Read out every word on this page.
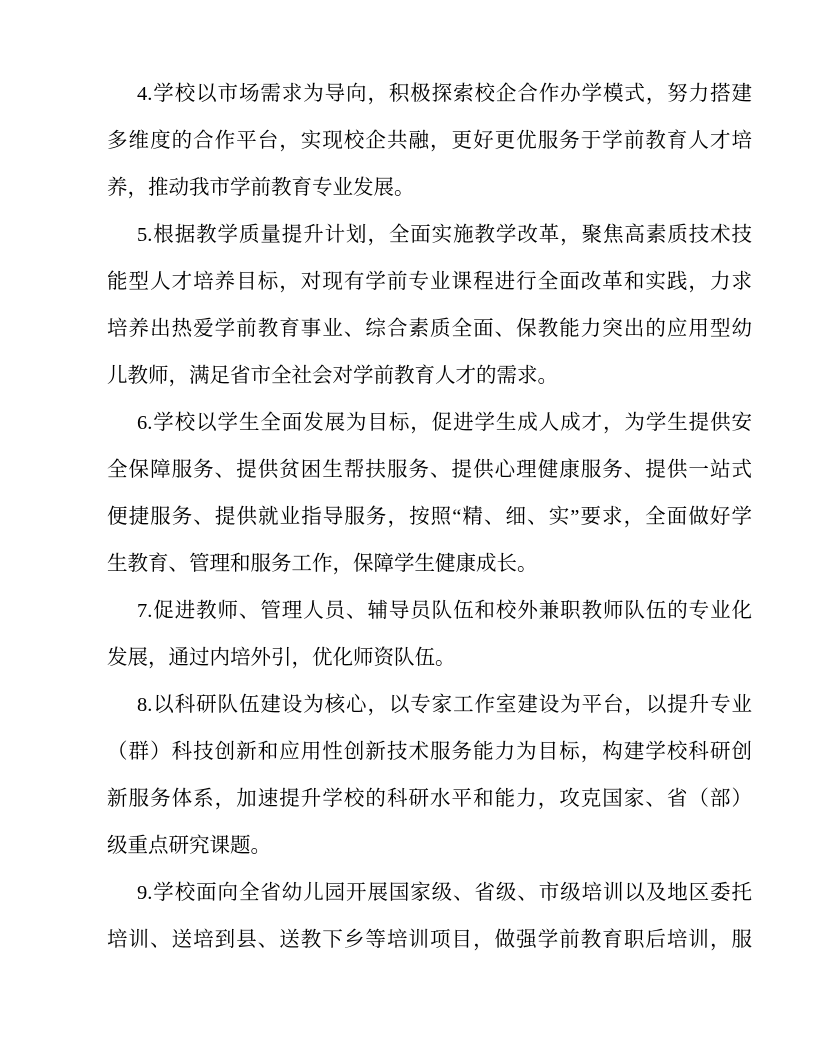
4.学校以市场需求为导向，积极探索校企合作办学模式，努力搭建
多维度的合作平台，实现校企共融，更好更优服务于学前教育人才培
养，推动我市学前教育专业发展。
5.根据教学质量提升计划，全面实施教学改革，聚焦高素质技术技
能型人才培养目标，对现有学前专业课程进行全面改革和实践，力求
培养出热爱学前教育事业、综合素质全面、保教能力突出的应用型幼
儿教师，满足省市全社会对学前教育人才的需求。
6.学校以学生全面发展为目标，促进学生成人成才，为学生提供安
全保障服务、提供贫困生帮扶服务、提供心理健康服务、提供一站式
便捷服务、提供就业指导服务，按照“精、细、实”要求，全面做好学
生教育、管理和服务工作，保障学生健康成长。
7.促进教师、管理人员、辅导员队伍和校外兼职教师队伍的专业化
发展，通过内培外引，优化师资队伍。
8.以科研队伍建设为核心，以专家工作室建设为平台，以提升专业
（群）科技创新和应用性创新技术服务能力为目标，构建学校科研创
新服务体系，加速提升学校的科研水平和能力，攻克国家、省（部）
级重点研究课题。
9.学校面向全省幼儿园开展国家级、省级、市级培训以及地区委托
培训、送培到县、送教下乡等培训项目，做强学前教育职后培训，服
